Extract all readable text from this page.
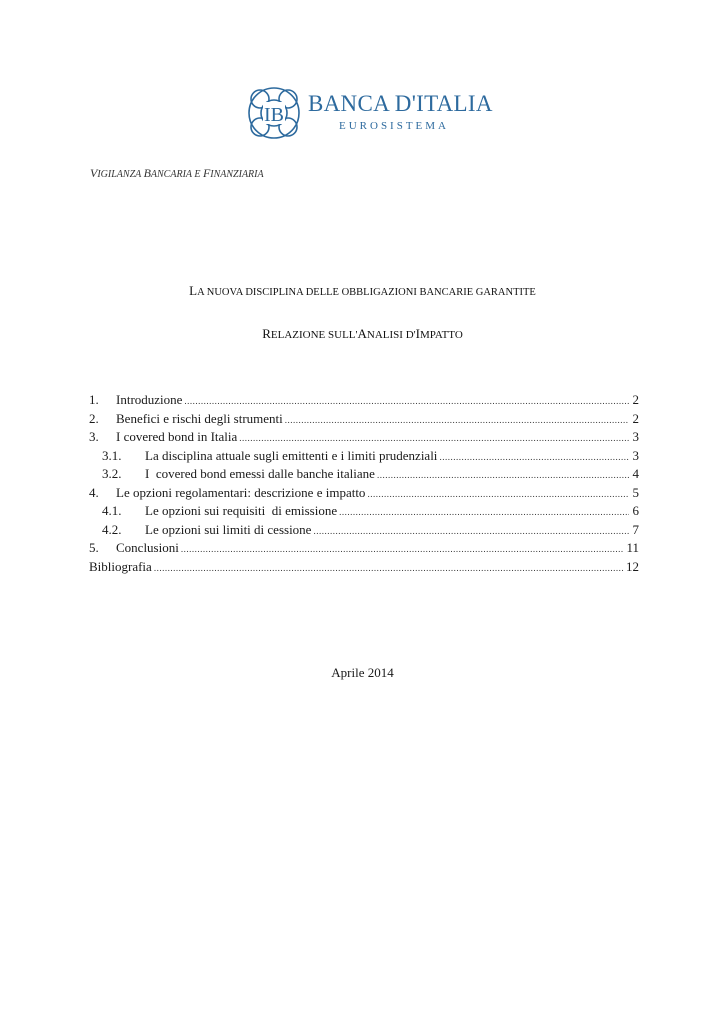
IB BANCA D'ITALIA
EUROSISTEMA
VIGILANZA BANCARIA E FINANZIARIA
LA NUOVA DISCIPLINA DELLE OBBLIGAZIONI BANCARIE GARANTITE
RELAZIONE SULL'ANALISI D'IMPATTO
1.	Introduzione .....	2
2.	Benefici e rischi degli strumenti .....	2
3.	I covered bond in Italia .....	3
3.1.	La disciplina attuale sugli emittenti e i limiti prudenziali .....	3
3.2.	I  covered bond emessi dalle banche italiane .....	4
4.	Le opzioni regolamentari: descrizione e impatto .....	5
4.1.	Le opzioni sui requisiti  di emissione .....	6
4.2.	Le opzioni sui limiti di cessione .....	7
5.	Conclusioni .....	11
Bibliografia .....	12
Aprile 2014
